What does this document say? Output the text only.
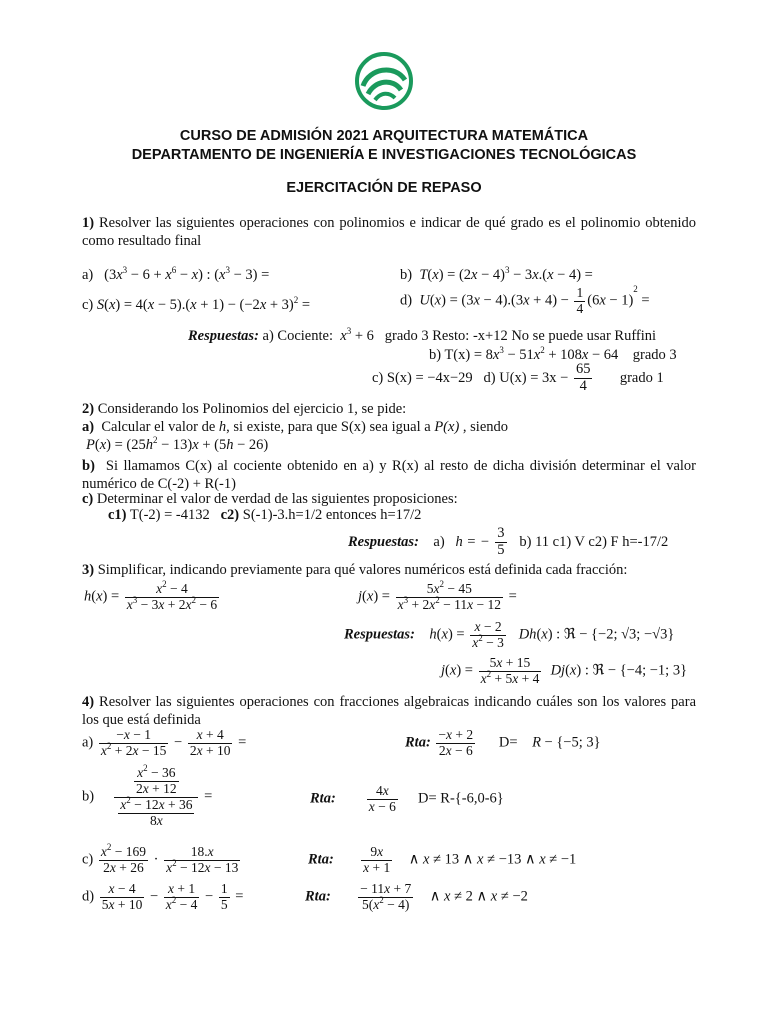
CURSO DE ADMISIÓN 2021 ARQUITECTURA MATEMÁTICA
DEPARTAMENTO DE INGENIERÍA E INVESTIGACIONES TECNOLÓGICAS
EJERCITACIÓN DE REPASO
1) Resolver las siguientes operaciones con polinomios e indicar de qué grado es el polinomio obtenido como resultado final
a)   $(3x^3 - 6 + x^6 - x)$ : $(x^3 - 3)$ =	b) $T(x) = (2x - 4)^3 - 3x.(x - 4)$ =
c) $S(x) = 4(x - 5).(x + 1) - (-2x + 3)^2$ =	d) $U(x) = (3x - 4).(3x + 4) - \frac{1}{4} (6x - 1)^2$ =
Respuestas: a) Cociente: $x^3 + 6$   grado 3 Resto: -x+12 No se puede usar Ruffini
b) $T(x) = 8x^3 - 51x^2 + 108x - 64$    grado 3
c) S(x) = −4x−29 d) $U(x) = 3x - \frac{65}{4}$ grado 1
2) Considerando los Polinomios del ejercicio 1, se pide:
a) Calcular el valor de h, si existe, para que S(x) sea igual a P(x) , siendo
$P(x) = (25h^2 - 13)x + (5h - 26)$
b) Si llamamos C(x) al cociente obtenido en a) y R(x) al resto de dicha división determinar el valor numérico de C(-2) + R(-1)
c) Determinar el valor de verdad de las siguientes proposiciones:
c1) T(-2) = -4132 c2) S(-1)-3.h=1/2 entonces h=17/2
Respuestas: a) h = − $\frac{3}{5} b$) 11 c1) V c2) F h=-17/2
3) Simplificar, indicando previamente para qué valores numéricos está definida cada fracción:
$h(x) = \frac{x^2 - 4}{x^3 - 3x + 2x^2 - 6}$	$j(x) = \frac{5x^2 - 45}{x^3 + 2x^2 - 11x - 12}$ =
Respuestas: $h(x) = \frac{x - 2}{x^2 - 3} Dh(x)$ : ℜ − {−2; √3; −√3}
$j(x) = \frac{5x + 15}{x^2 + 5x + 4} Dj(x)$ : ℜ − {−4; −1; 3}
4) Resolver las siguientes operaciones con fracciones algebraicas indicando cuáles son los valores para los que está definida
$a) \frac{-x - 1}{x^2 + 2x - 15} - \frac{x + 4}{2x + 10}$ =	Rta: $\frac{-x + 2}{2x - 6} D= R - \{-5$; 3}
$b) \frac{\frac{x^2 - 36}{2x + 12}}{\frac{x^2 - 12x + 36}{8x}}$ =	Rta: $\frac{4x}{x - 6} D= R-\{-6,0-6\}$
$c) \frac{x^2 - 169}{2x + 26} \cdot \frac{18.x}{x^2 - 12x - 13}$	Rta: $\frac{9x}{x + 1}$ ∧ x ≠ 13 ∧ x ≠ −13 ∧ x ≠ −1
$d) \frac{x - 4}{5x + 10} - \frac{x + 1}{x^2 - 4} - \frac{1}{5}$ =	Rta: $\frac{- 11x + 7}{5(x^2 - 4)}$ ∧ x ≠ 2 ∧ x ≠ −2
